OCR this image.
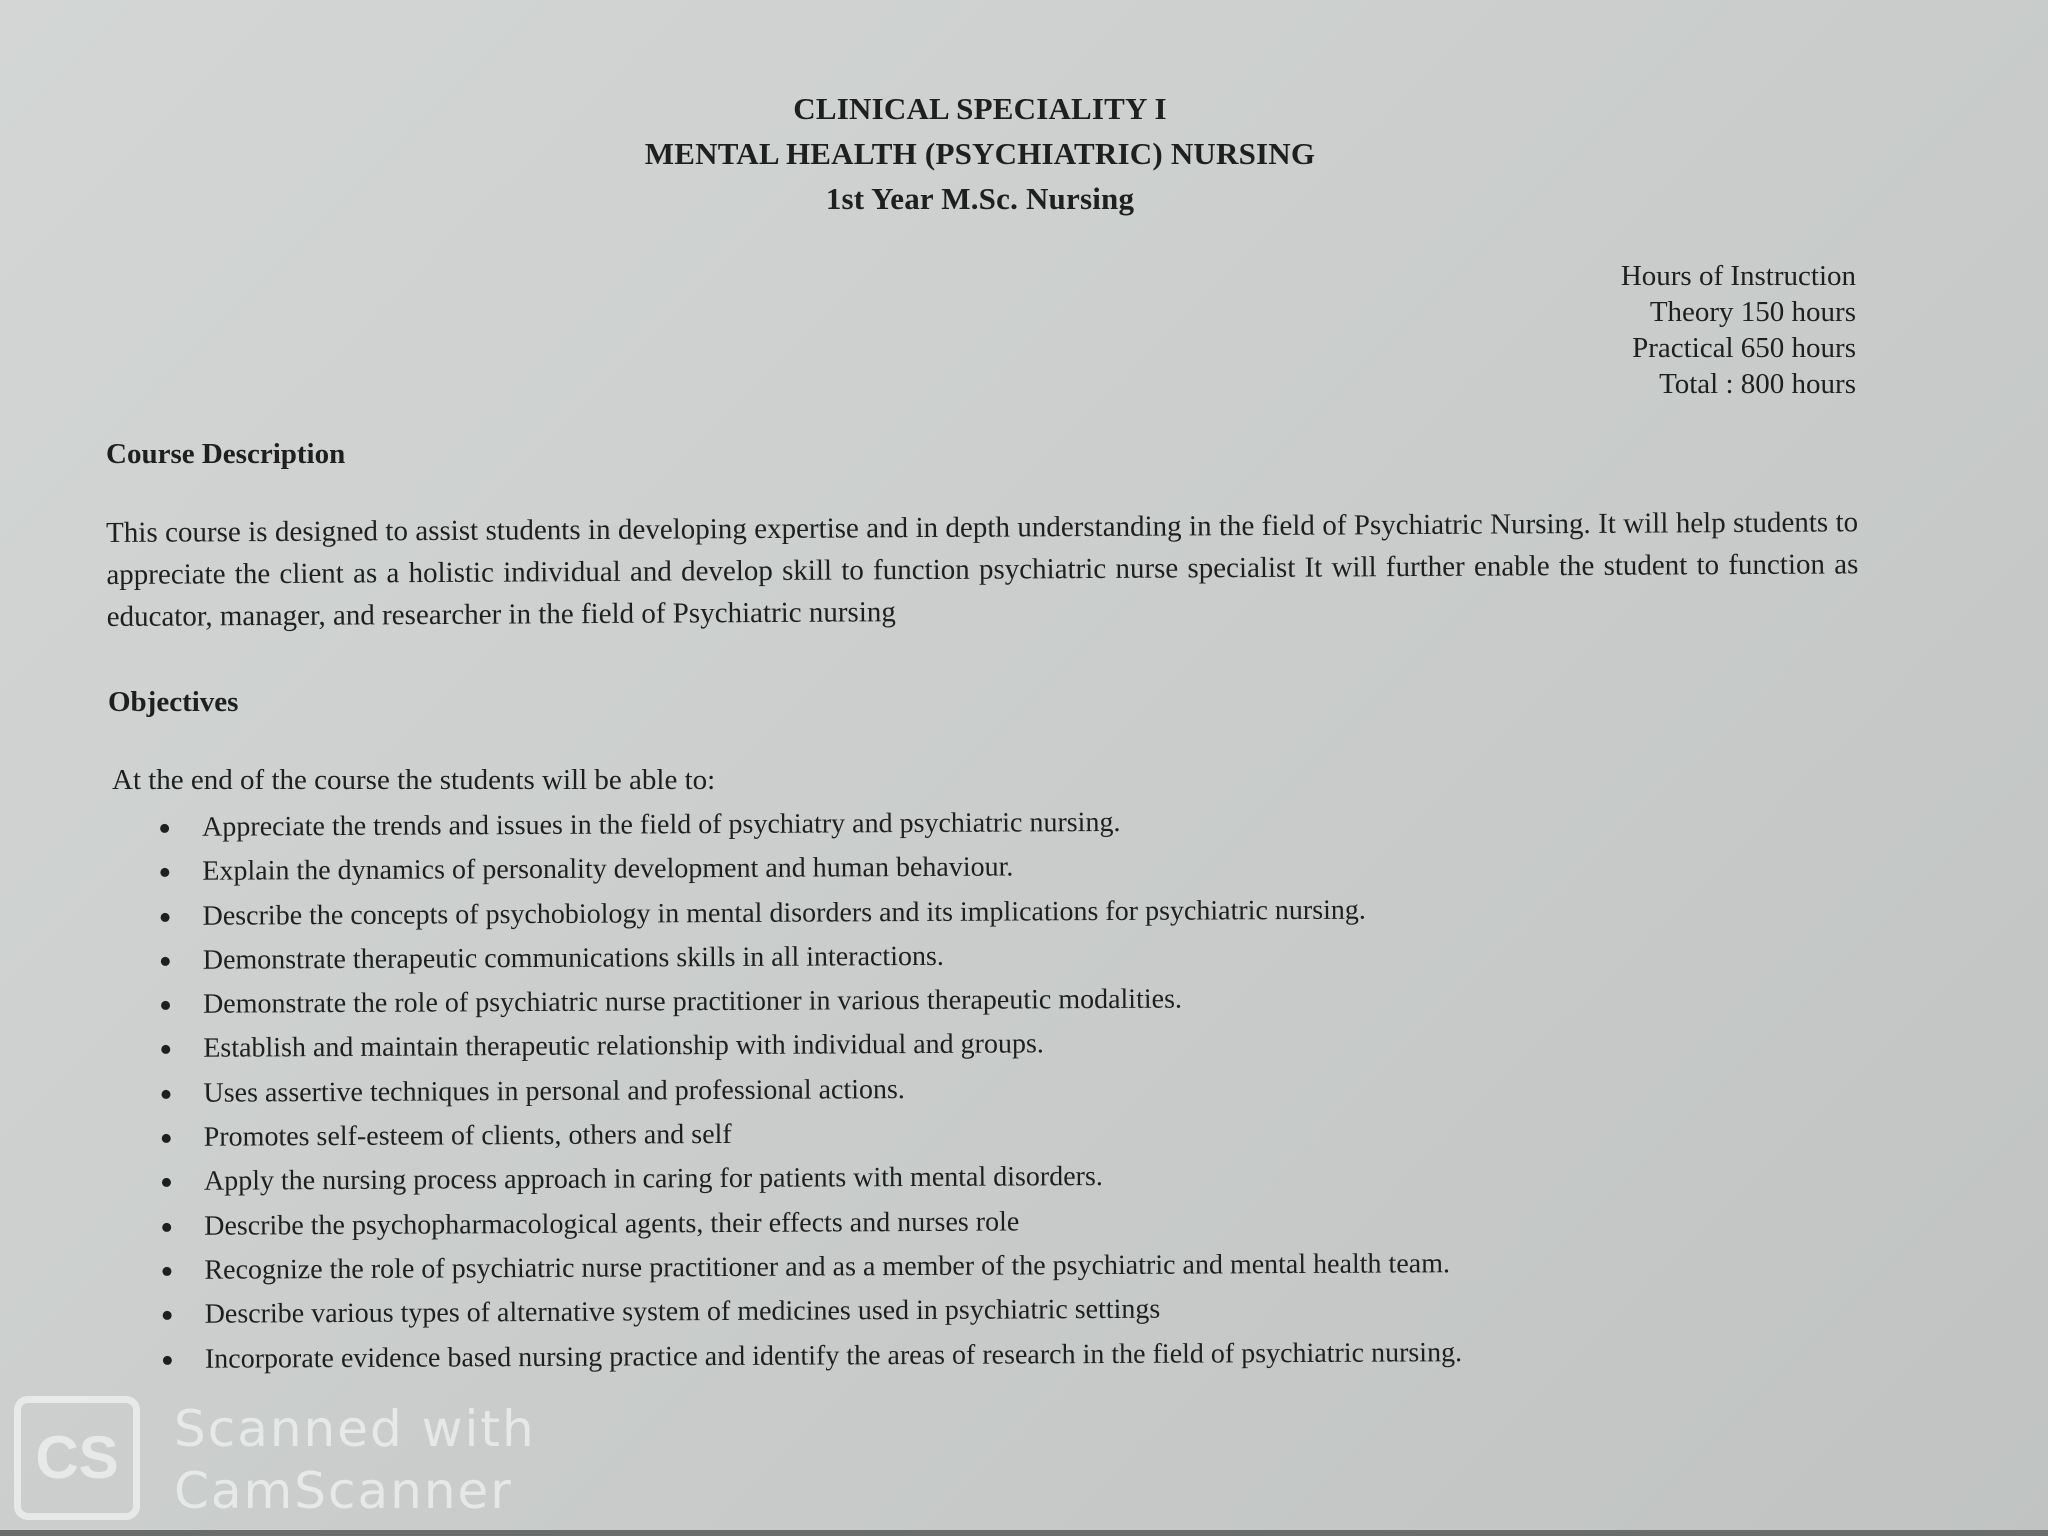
CLINICAL SPECIALITY I
MENTAL HEALTH (PSYCHIATRIC) NURSING
1st Year M.Sc. Nursing
Hours of Instruction
Theory 150 hours
Practical 650 hours
Total : 800 hours
Course Description
This course is designed to assist students in developing expertise and in depth understanding in the field of Psychiatric Nursing. It will help students to appreciate the client as a holistic individual and develop skill to function psychiatric nurse specialist It will further enable the student to function as educator, manager, and researcher in the field of Psychiatric nursing
Objectives
At the end of the course the students will be able to:
Appreciate the trends and issues in the field of psychiatry and psychiatric nursing.
Explain the dynamics of personality development and human behaviour.
Describe the concepts of psychobiology in mental disorders and its implications for psychiatric nursing.
Demonstrate therapeutic communications skills in all interactions.
Demonstrate the role of psychiatric nurse practitioner in various therapeutic modalities.
Establish and maintain therapeutic relationship with individual and groups.
Uses assertive techniques in personal and professional actions.
Promotes self-esteem of clients, others and self
Apply the nursing process approach in caring for patients with mental disorders.
Describe the psychopharmacological agents, their effects and nurses role
Recognize the role of psychiatric nurse practitioner and as a member of the psychiatric and mental health team.
Describe various types of alternative system of medicines used in psychiatric settings
Incorporate evidence based nursing practice and identify the areas of research in the field of psychiatric nursing.
CS	Scanned with
CamScanner
